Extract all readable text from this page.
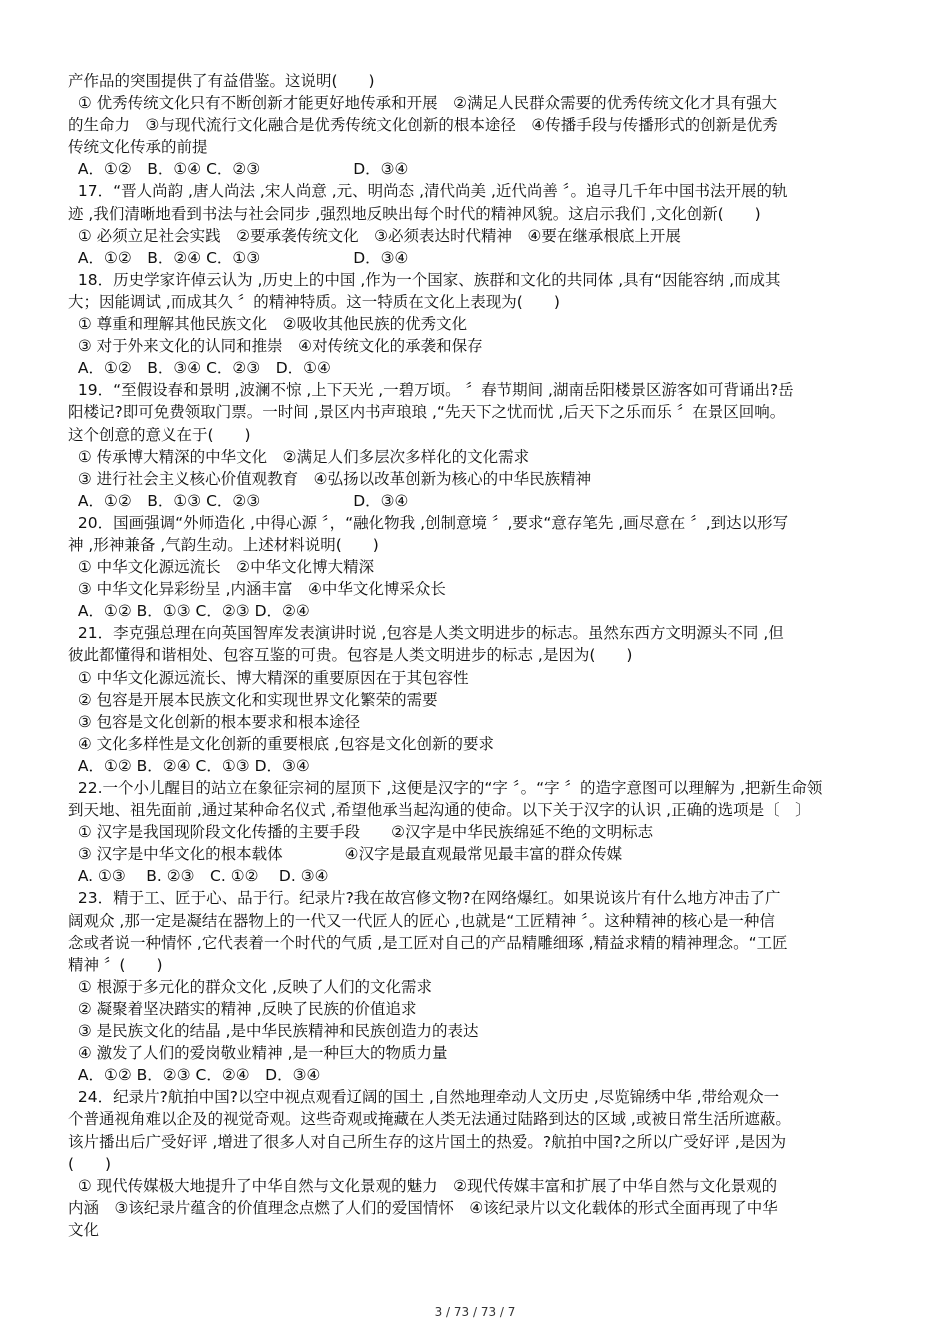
产作品的突围提供了有益借鉴。这说明(　　)
① 优秀传统文化只有不断创新才能更好地传承和开展　②满足人民群众需要的优秀传统文化才具有强大
的生命力　③与现代流行文化融合是优秀传统文化创新的根本途径　④传播手段与传播形式的创新是优秀
传统文化传承的前提
A．①②　B．①④ C．②③　　　　　　D．③④
17．“晋人尚韵 ,唐人尚法 ,宋人尚意 ,元、明尚态 ,清代尚美 ,近代尚善 〞。追寻几千年中国书法开展的轨
迹 ,我们清晰地看到书法与社会同步 ,强烈地反映出每个时代的精神风貌。这启示我们 ,文化创新(　　)
① 必须立足社会实践　②要承袭传统文化　③必须表达时代精神　④要在继承根底上开展
A．①②　B．②④ C．①③　　　　　　D．③④
18．历史学家许倬云认为 ,历史上的中国 ,作为一个国家、族群和文化的共同体 ,具有“因能容纳 ,而成其
大；因能调试 ,而成其久 〞的精神特质。这一特质在文化上表现为(　　)
① 尊重和理解其他民族文化　②吸收其他民族的优秀文化
③ 对于外来文化的认同和推崇　④对传统文化的承袭和保存
A．①②　B．③④ C．②③　D．①④
19．“至假设春和景明 ,波澜不惊 ,上下天光 ,一碧万顷。 〞春节期间 ,湖南岳阳楼景区游客如可背诵出?岳
阳楼记?即可免费领取门票。一时间 ,景区内书声琅琅 ,“先天下之忧而忧 ,后天下之乐而乐 〞在景区回响。
这个创意的意义在于(　　)
① 传承博大精深的中华文化　②满足人们多层次多样化的文化需求
③ 进行社会主义核心价值观教育　④弘扬以改革创新为核心的中华民族精神
A．①②　B．①③ C．②③　　　　　　D．③④
20．国画强调“外师造化 ,中得心源 〞，“融化物我 ,创制意境 〞,要求“意存笔先 ,画尽意在 〞,到达以形写
神 ,形神兼备 ,气韵生动。上述材料说明(　　)
① 中华文化源远流长　②中华文化博大精深
③ 中华文化异彩纷呈 ,内涵丰富　④中华文化博采众长
A．①② B．①③ C．②③ D．②④
21．李克强总理在向英国智库发表演讲时说 ,包容是人类文明进步的标志。虽然东西方文明源头不同 ,但
彼此都懂得和谐相处、包容互鉴的可贵。包容是人类文明进步的标志 ,是因为(　　)
① 中华文化源远流长、博大精深的重要原因在于其包容性
② 包容是开展本民族文化和实现世界文化繁荣的需要
③ 包容是文化创新的根本要求和根本途径
④ 文化多样性是文化创新的重要根底 ,包容是文化创新的要求
A．①② B．②④ C．①③ D．③④
22.一个小儿醒目的站立在象征宗祠的屋顶下 ,这便是汉字的“字 〞。“字 〞的造字意图可以理解为 ,把新生命领
到天地、祖先面前 ,通过某种命名仪式 ,希望他承当起沟通的使命。以下关于汉字的认识 ,正确的选项是〔　〕
① 汉字是我国现阶段文化传播的主要手段　　②汉字是中华民族绵延不绝的文明标志
③ 汉字是中华文化的根本载体　　　　④汉字是最直观最常见最丰富的群众传媒
A. ①③　 B. ②③　C. ①②　 D. ③④
23．精于工、匠于心、品于行。纪录片?我在故宫修文物?在网络爆红。如果说该片有什么地方冲击了广
阔观众 ,那一定是凝结在器物上的一代又一代匠人的匠心 ,也就是“工匠精神 〞。这种精神的核心是一种信
念或者说一种情怀 ,它代表着一个时代的气质 ,是工匠对自己的产品精雕细琢 ,精益求精的精神理念。“工匠
精神 〞(　　)
① 根源于多元化的群众文化 ,反映了人们的文化需求
② 凝聚着坚决踏实的精神 ,反映了民族的价值追求
③ 是民族文化的结晶 ,是中华民族精神和民族创造力的表达
④ 激发了人们的爱岗敬业精神 ,是一种巨大的物质力量
A．①② B．②③ C．②④　D．③④
24．纪录片?航拍中国?以空中视点观看辽阔的国土 ,自然地理牵动人文历史 ,尽览锦绣中华 ,带给观众一
个普通视角难以企及的视觉奇观。这些奇观或掩藏在人类无法通过陆路到达的区域 ,或被日常生活所遮蔽。
该片播出后广受好评 ,增进了很多人对自己所生存的这片国土的热爱。?航拍中国?之所以广受好评 ,是因为
(　　)
① 现代传媒极大地提升了中华自然与文化景观的魅力　②现代传媒丰富和扩展了中华自然与文化景观的
内涵　③该纪录片蕴含的价值理念点燃了人们的爱国情怀　④该纪录片以文化载体的形式全面再现了中华
文化
3 / 73 / 73 / 7
